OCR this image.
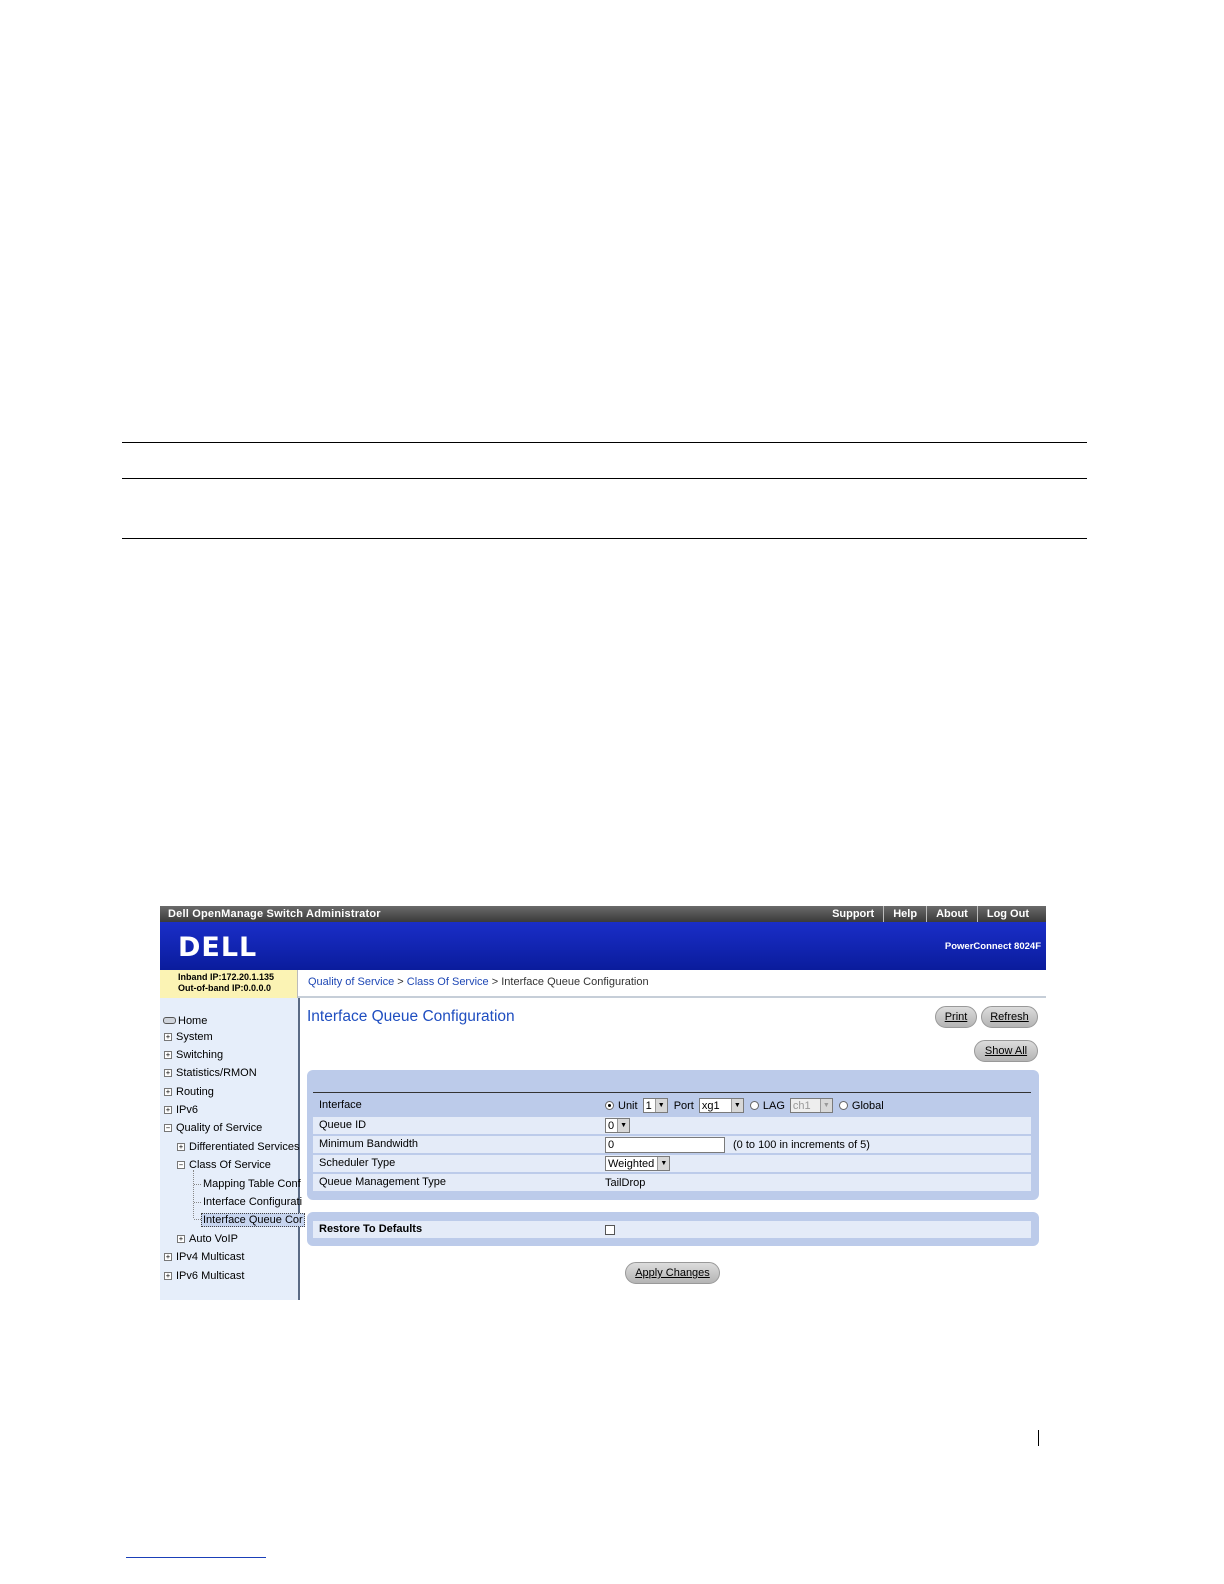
Dell OpenManage Switch Administrator	Support	Help	About	Log Out
DELL	PowerConnect 8024F
Inband IP:172.20.1.135
Out-of-band IP:0.0.0.0	Quality of Service > Class Of Service > Interface Queue Configuration
Home
+ System
+ Switching
+ Statistics/RMON
+ Routing
+ IPv6
− Quality of Service
+ Differentiated Services
− Class Of Service
Mapping Table Conf
Interface Configurati
Interface Queue Cor
+ Auto VoIP
+ IPv4 Multicast
+ IPv6 Multicast
Interface Queue Configuration	Print	Refresh
Show All
Interface	Unit 1 ▼ Port xg1	▼ LAG ch1	▼ Global
Queue ID	0 ▼
Minimum Bandwidth	0	(0 to 100 in increments of 5)
Scheduler Type	Weighted ▼
Queue Management Type	TailDrop
Restore To Defaults
Apply Changes
